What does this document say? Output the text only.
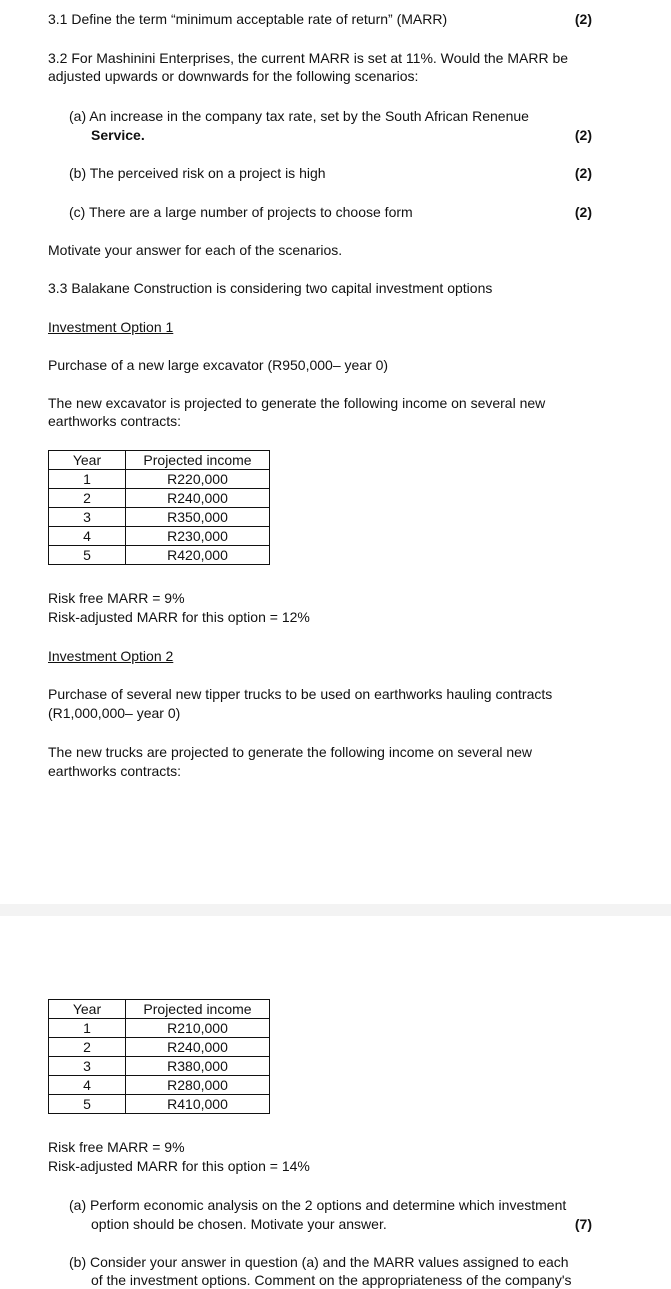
3.1 Define the term “minimum acceptable rate of return” (MARR)	(2)
3.2 For Mashinini Enterprises, the current MARR is set at 11%. Would the MARR be
adjusted upwards or downwards for the following scenarios:
(a) An increase in the company tax rate, set by the South African Renenue
Service.	(2)
(b) The perceived risk on a project is high	(2)
(c) There are a large number of projects to choose form	(2)
Motivate your answer for each of the scenarios.
3.3 Balakane Construction is considering two capital investment options
Investment Option 1
Purchase of a new large excavator (R950,000– year 0)
The new excavator is projected to generate the following income on several new
earthworks contracts:
Year	Projected income
1	R220,000
2	R240,000
3	R350,000
4	R230,000
5	R420,000
Risk free MARR = 9%
Risk-adjusted MARR for this option = 12%
Investment Option 2
Purchase of several new tipper trucks to be used on earthworks hauling contracts
(R1,000,000– year 0)
The new trucks are projected to generate the following income on several new
earthworks contracts:
Year	Projected income
1	R210,000
2	R240,000
3	R380,000
4	R280,000
5	R410,000
Risk free MARR = 9%
Risk-adjusted MARR for this option = 14%
(a) Perform economic analysis on the 2 options and determine which investment
option should be chosen. Motivate your answer.	(7)
(b) Consider your answer in question (a) and the MARR values assigned to each
of the investment options. Comment on the appropriateness of the company's
